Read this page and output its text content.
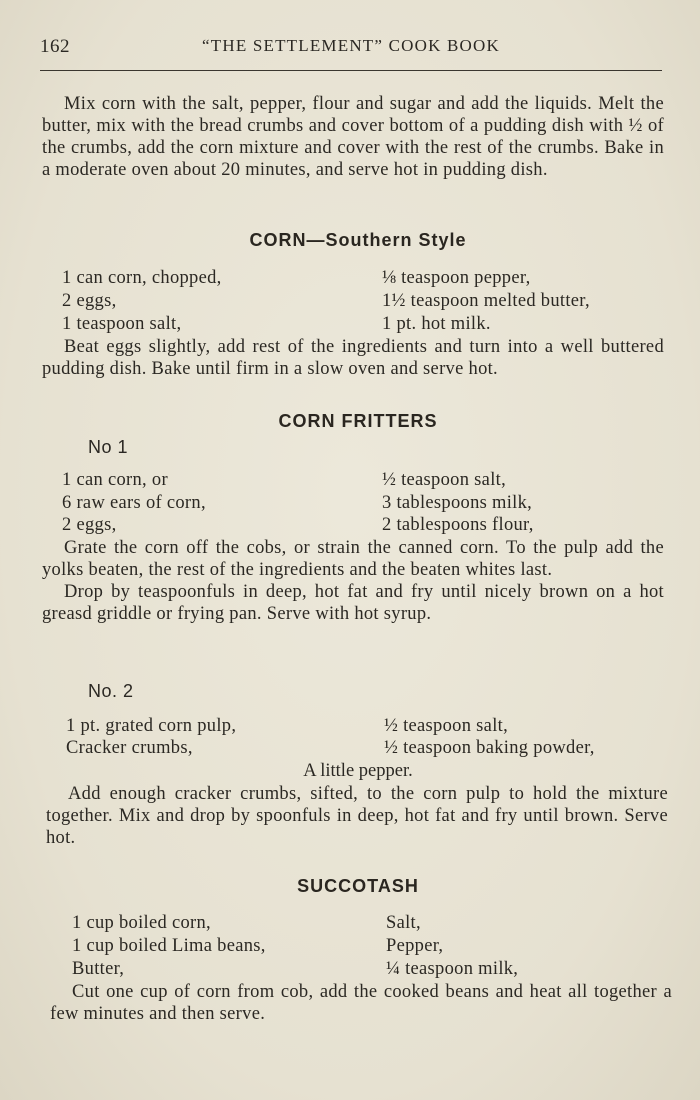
162	“THE SETTLEMENT” COOK BOOK

Mix corn with the salt, pepper, flour and sugar and add the liquids. Melt the butter, mix with the bread crumbs and cover bottom of a pudding dish with ½ of the crumbs, add the corn mixture and cover with the rest of the crumbs. Bake in a moderate oven about 20 minutes, and serve hot in pudding dish.

CORN—Southern Style
1 can corn, chopped,	⅛ teaspoon pepper,
2 eggs,	1½ teaspoon melted butter,
1 teaspoon salt,	1 pt. hot milk.

Beat eggs slightly, add rest of the ingredients and turn into a well buttered pudding dish. Bake until firm in a slow oven and serve hot.

CORN FRITTERS
No 1
1 can corn, or	½ teaspoon salt,
6 raw ears of corn,	3 tablespoons milk,
2 eggs,	2 tablespoons flour,

Grate the corn off the cobs, or strain the canned corn. To the pulp add the yolks beaten, the rest of the ingredients and the beaten whites last.

Drop by teaspoonfuls in deep, hot fat and fry until nicely brown on a hot greasd griddle or frying pan. Serve with hot syrup.

No. 2
1 pt. grated corn pulp,	½ teaspoon salt,
Cracker crumbs,	½ teaspoon baking powder,
A little pepper.

Add enough cracker crumbs, sifted, to the corn pulp to hold the mixture together. Mix and drop by spoonfuls in deep, hot fat and fry until brown. Serve hot.

SUCCOTASH
1 cup boiled corn,	Salt,
1 cup boiled Lima beans,	Pepper,
Butter,	¼ teaspoon milk,

Cut one cup of corn from cob, add the cooked beans and heat all together a few minutes and then serve.
